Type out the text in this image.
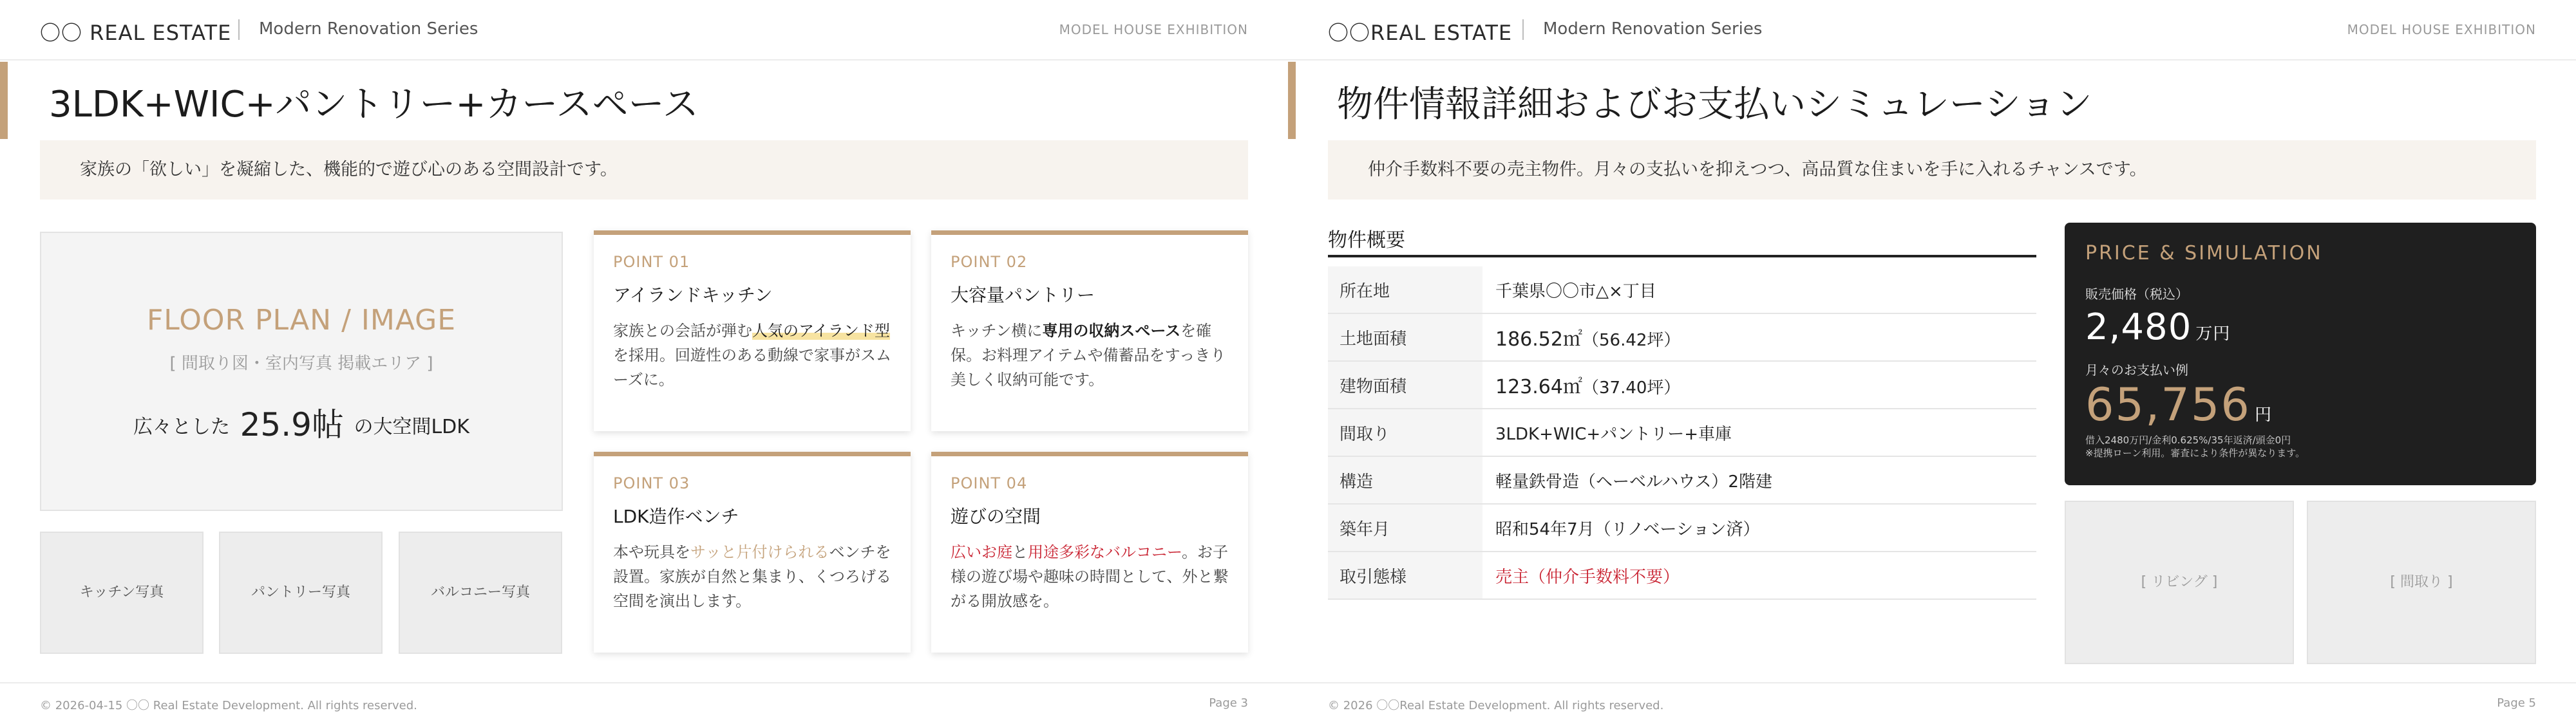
〇〇 REAL ESTATE Modern Renovation Series	MODEL HOUSE EXHIBITION
3LDK+WIC+パントリー+カースペース
家族の「欲しい」を凝縮した、機能的で遊び心のある空間設計です。
FLOOR PLAN / IMAGE
[ 間取り図・室内写真 掲載エリア ]
広々とした 25.9帖 の大空間LDK
キッチン写真	パントリー写真	バルコニー写真
POINT 01
アイランドキッチン
家族との会話が弾む人気のアイランド型を採用。回遊性のある動線で家事がスムーズに。
POINT 02
大容量パントリー
キッチン横に専用の収納スペースを確保。お料理アイテムや備蓄品をすっきり美しく収納可能です。
POINT 03
LDK造作ベンチ
本や玩具をサッと片付けられるベンチを設置。家族が自然と集まり、くつろげる空間を演出します。
POINT 04
遊びの空間
広いお庭と用途多彩なバルコニー。お子様の遊び場や趣味の時間として、外と繋がる開放感を。
© 2026-04-15 〇〇 Real Estate Development. All rights reserved.	Page 3
〇〇REAL ESTATE Modern Renovation Series	MODEL HOUSE EXHIBITION
物件情報詳細およびお支払いシミュレーション
仲介手数料不要の売主物件。月々の支払いを抑えつつ、高品質な住まいを手に入れるチャンスです。
物件概要
所在地	千葉県〇〇市△×丁目
土地面積	186.52㎡（56.42坪）
建物面積	123.64㎡（37.40坪）
間取り	3LDK+WIC+パントリー+車庫
構造	軽量鉄骨造（ヘーベルハウス）2階建
築年月	昭和54年7月（リノベーション済）
取引態様	売主（仲介手数料不要）
PRICE & SIMULATION
販売価格（税込）
2,480 万円
月々のお支払い例
65,756 円
借入2480万円/金利0.625%/35年返済/頭金0円
※提携ローン利用。審査により条件が異なります。
[ リビング ]	[ 間取り ]
© 2026 〇〇Real Estate Development. All rights reserved.	Page 5
